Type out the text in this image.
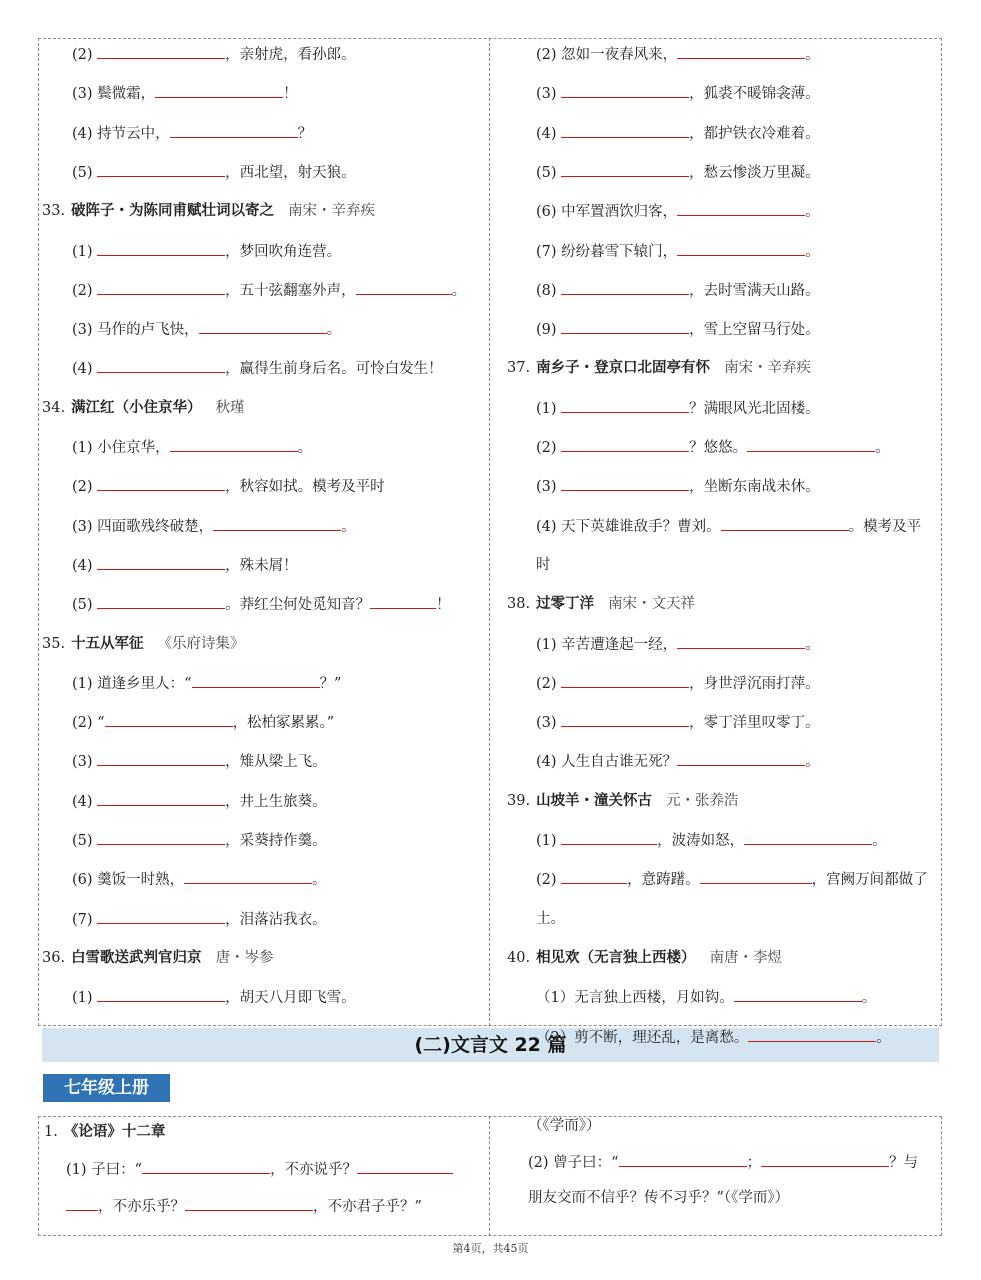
(二)文言文 22 篇
七年级上册
(2)	，亲射虎，看孙郎。
(3) 鬓微霜，	！
(4) 持节云中，	？
(5)	，西北望，射天狼。
33. 破阵子・为陈同甫赋壮词以寄之 南宋・辛弃疾
(1)	，梦回吹角连营。
(2)	，五十弦翻塞外声，	。
(3) 马作的卢飞快，	。
(4)	，赢得生前身后名。可怜白发生！
34. 满江红（小住京华） 秋瑾
(1) 小住京华，	。
(2)	，秋容如拭。模考及平时
(3) 四面歌残终破楚，	。
(4)	，殊未屑！
(5)	。莽红尘何处觅知音？	！
35. 十五从军征 《乐府诗集》
(1) 道逢乡里人：“	？”
(2) “	，松柏冢累累。”
(3)	，雉从梁上飞。
(4)	，井上生旅葵。
(5)	，采葵持作羹。
(6) 羹饭一时熟，	。
(7)	，泪落沾我衣。
36. 白雪歌送武判官归京 唐・岑参
(1)	，胡天八月即飞雪。
(2) 忽如一夜春风来，	。
(3)	，狐裘不暖锦衾薄。
(4)	，都护铁衣冷难着。
(5)	，愁云惨淡万里凝。
(6) 中军置酒饮归客，	。
(7) 纷纷暮雪下辕门，	。
(8)	，去时雪满天山路。
(9)	，雪上空留马行处。
37. 南乡子・登京口北固亭有怀 南宋・辛弃疾
(1)	？满眼风光北固楼。
(2)	？悠悠。	。
(3)	，坐断东南战未休。
(4) 天下英雄谁敌手？曹刘。	。模考及平
时
38. 过零丁洋 南宋・文天祥
(1) 辛苦遭逢起一经，	。
(2)	，身世浮沉雨打萍。
(3)	，零丁洋里叹零丁。
(4) 人生自古谁无死？	。
39. 山坡羊・潼关怀古 元・张养浩
(1)	，波涛如怒，	。
(2)	，意踌躇。	，宫阙万间都做了
土。
40. 相见欢（无言独上西楼） 南唐・李煜
（1）无言独上西楼，月如钩。	。
（2）剪不断，理还乱，是离愁。	。
1. 《论语》十二章
(1) 子曰：“	，不亦说乎？
，不亦乐乎？	，不亦君子乎？”
（《学而》）
(2) 曾子曰：“	；	？与
朋友交而不信乎？传不习乎？”（《学而》）
第4页，共45页
